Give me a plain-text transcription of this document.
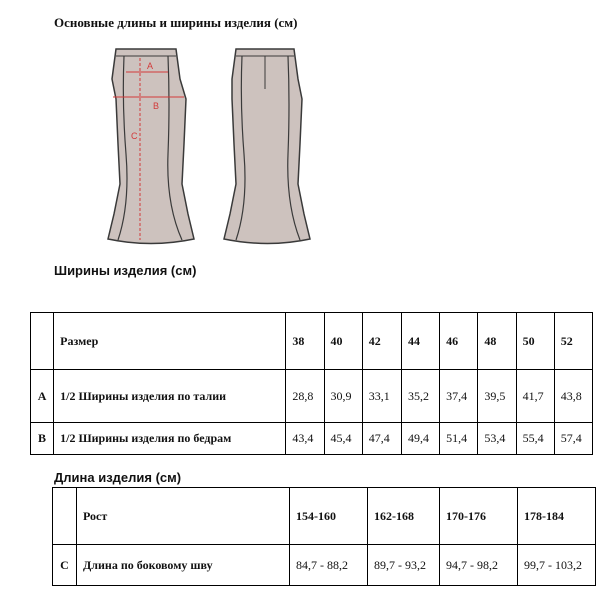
Основные длины и ширины изделия (см)
A
B
C
Ширины изделия (см)
	Размер	38	40	42	44	46	48	50	52
A	1/2 Ширины изделия по талии	28,8	30,9	33,1	35,2	37,4	39,5	41,7	43,8
B	1/2 Ширины изделия по бедрам	43,4	45,4	47,4	49,4	51,4	53,4	55,4	57,4
Длина изделия (см)
	Рост	154-160	162-168	170-176	178-184
C	Длина по боковому шву	84,7 - 88,2	89,7 - 93,2	94,7 - 98,2	99,7 - 103,2
